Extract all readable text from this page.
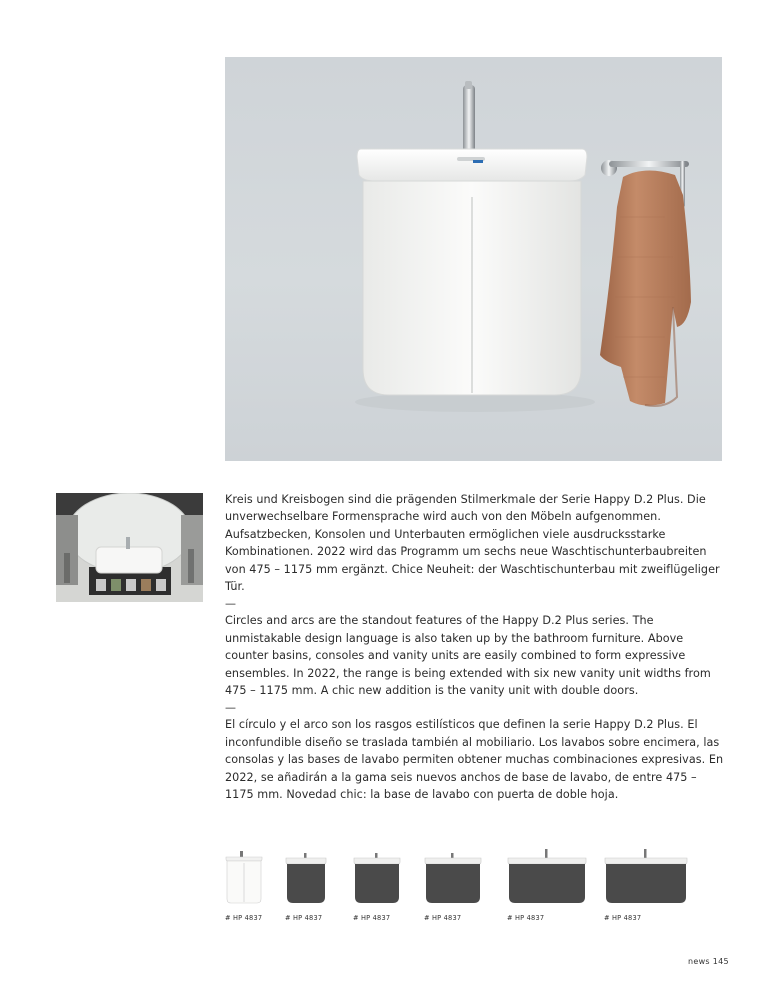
Kreis und Kreisbogen sind die prägenden Stilmerkmale der Serie Happy D.2 Plus. Die unverwechselbare Formensprache wird auch von den Möbeln aufgenommen. Aufsatzbecken, Konsolen und Unterbauten ermöglichen viele ausdrucksstarke Kombinationen. 2022 wird das Programm um sechs neue Waschtischunterbaubreiten von 475 – 1175 mm ergänzt. Chice Neuheit: der Waschtischunterbau mit zweiflügeliger Tür.

—

Circles and arcs are the standout features of the Happy D.2 Plus series. The unmistakable design language is also taken up by the bathroom furniture. Above counter basins, consoles and vanity units are easily combined to form expressive ensembles. In 2022, the range is being extended with six new vanity unit widths from 475 – 1175 mm. A chic new addition is the vanity unit with double doors.

—

El círculo y el arco son los rasgos estilísticos que definen la serie Happy D.2 Plus. El inconfundible diseño se traslada también al mobiliario. Los lavabos sobre encimera, las consolas y las bases de lavabo permiten obtener muchas combinaciones expresivas. En 2022, se añadirán a la gama seis nuevos anchos de base de lavabo, de entre 475 – 1175 mm. Novedad chic: la base de lavabo con puerta de doble hoja.

# HP 4837	# HP 4837	# HP 4837	# HP 4837	# HP 4837	# HP 4837
news 145
